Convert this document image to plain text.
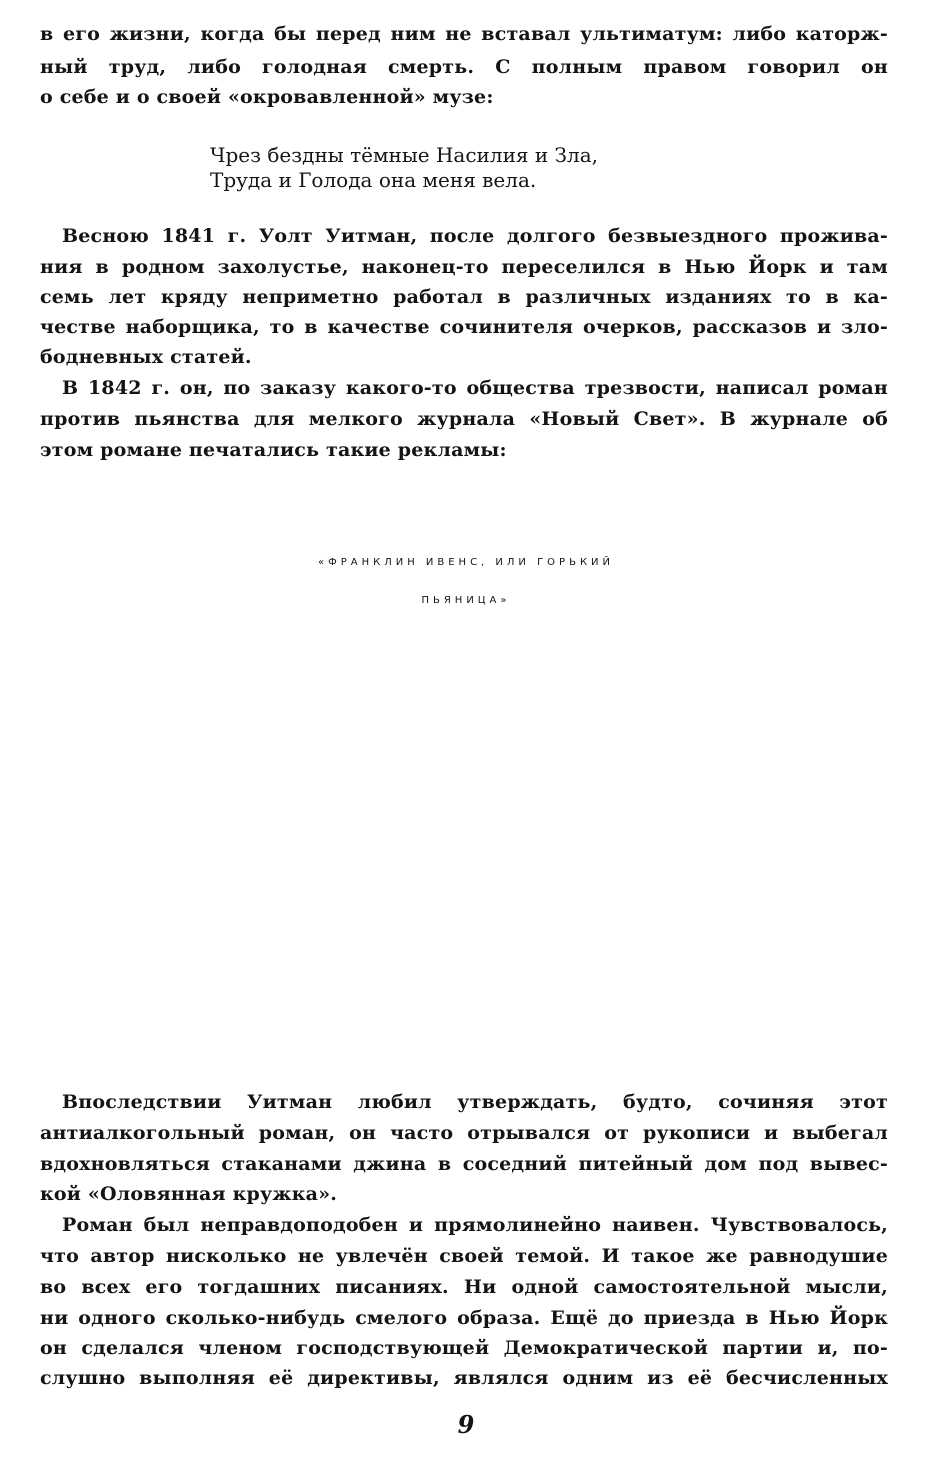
в его жизни, когда бы перед ним не вставал ультиматум: либо каторж-
ный труд, либо голодная смерть. С полным правом говорил он
о себе и о своей «окровавленной» музе:
Чрез бездны тёмные Насилия и Зла,
Труда и Голода она меня вела.
Весною 1841 г. Уолт Уитман, после долгого безвыездного прожива-
ния в родном захолустье, наконец-то переселился в Нью Йорк и там
семь лет кряду неприметно работал в различных изданиях то в ка-
честве наборщика, то в качестве сочинителя очерков, рассказов и зло-
бодневных статей.
В 1842 г. он, по заказу какого-то общества трезвости, написал роман
против пьянства для мелкого журнала «Новый Свет». В журнале об
этом романе печатались такие рекламы:
«ФРАНКЛИН ИВЕНС, ИЛИ ГОРЬКИЙ
ПЬЯНИЦА»
Впоследствии Уитман любил утверждать, будто, сочиняя этот
антиалкогольный роман, он часто отрывался от рукописи и выбегал
вдохновляться стаканами джина в соседний питейный дом под вывес-
кой «Оловянная кружка».
Роман был неправдоподобен и прямолинейно наивен. Чувствовалось,
что автор нисколько не увлечён своей темой. И такое же равнодушие
во всех его тогдашних писаниях. Ни одной самостоятельной мысли,
ни одного сколько-нибудь смелого образа. Ещё до приезда в Нью Йорк
он сделался членом господствующей Демократической партии и, по-
слушно выполняя её директивы, являлся одним из её бесчисленных
9
